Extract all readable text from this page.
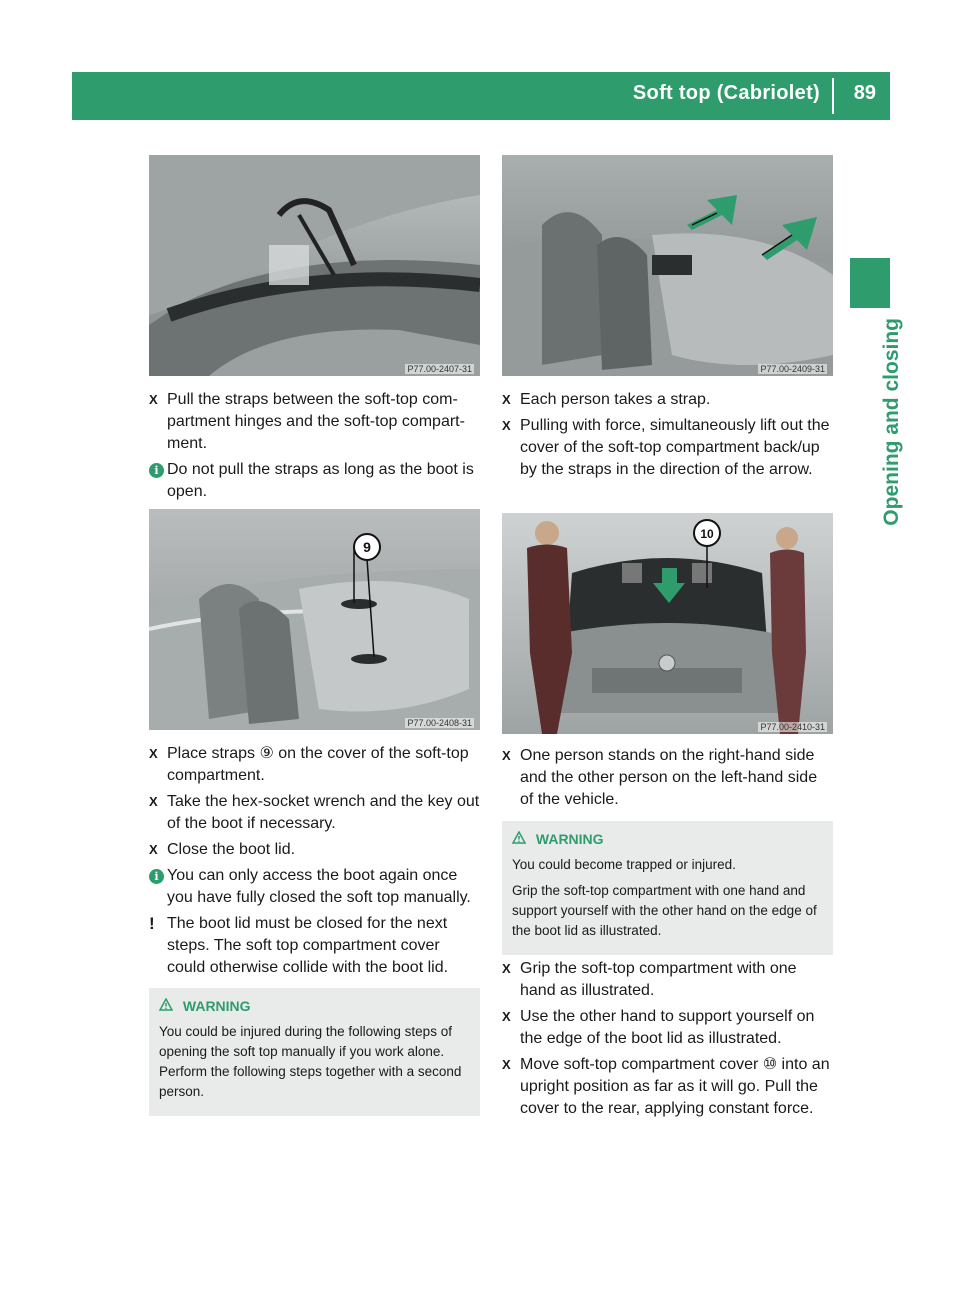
Soft top (Cabriolet) 89
Opening and closing
P77.00-2407-31
9
P77.00-2408-31
P77.00-2409-31
10
P77.00-2410-31
X Pull the straps between the soft-top com-partment hinges and the soft-top compart-ment.
i Do not pull the straps as long as the boot is open.
X Place straps ⑨ on the cover of the soft-top compartment.
X Take the hex-socket wrench and the key out of the boot if necessary.
X Close the boot lid.
i You can only access the boot again once you have fully closed the soft top manually.
! The boot lid must be closed for the next steps. The soft top compartment cover could otherwise collide with the boot lid.
WARNING

You could be injured during the following steps of opening the soft top manually if you work alone. Perform the following steps together with a second person.

X Each person takes a strap.
X Pulling with force, simultaneously lift out the cover of the soft-top compartment back/up by the straps in the direction of the arrow.
X One person stands on the right-hand side and the other person on the left-hand side of the vehicle.
WARNING

You could become trapped or injured.

Grip the soft-top compartment with one hand and support yourself with the other hand on the edge of the boot lid as illustrated.

X Grip the soft-top compartment with one hand as illustrated.
X Use the other hand to support yourself on the edge of the boot lid as illustrated.
X Move soft-top compartment cover ⑩ into an upright position as far as it will go. Pull the cover to the rear, applying constant force.
